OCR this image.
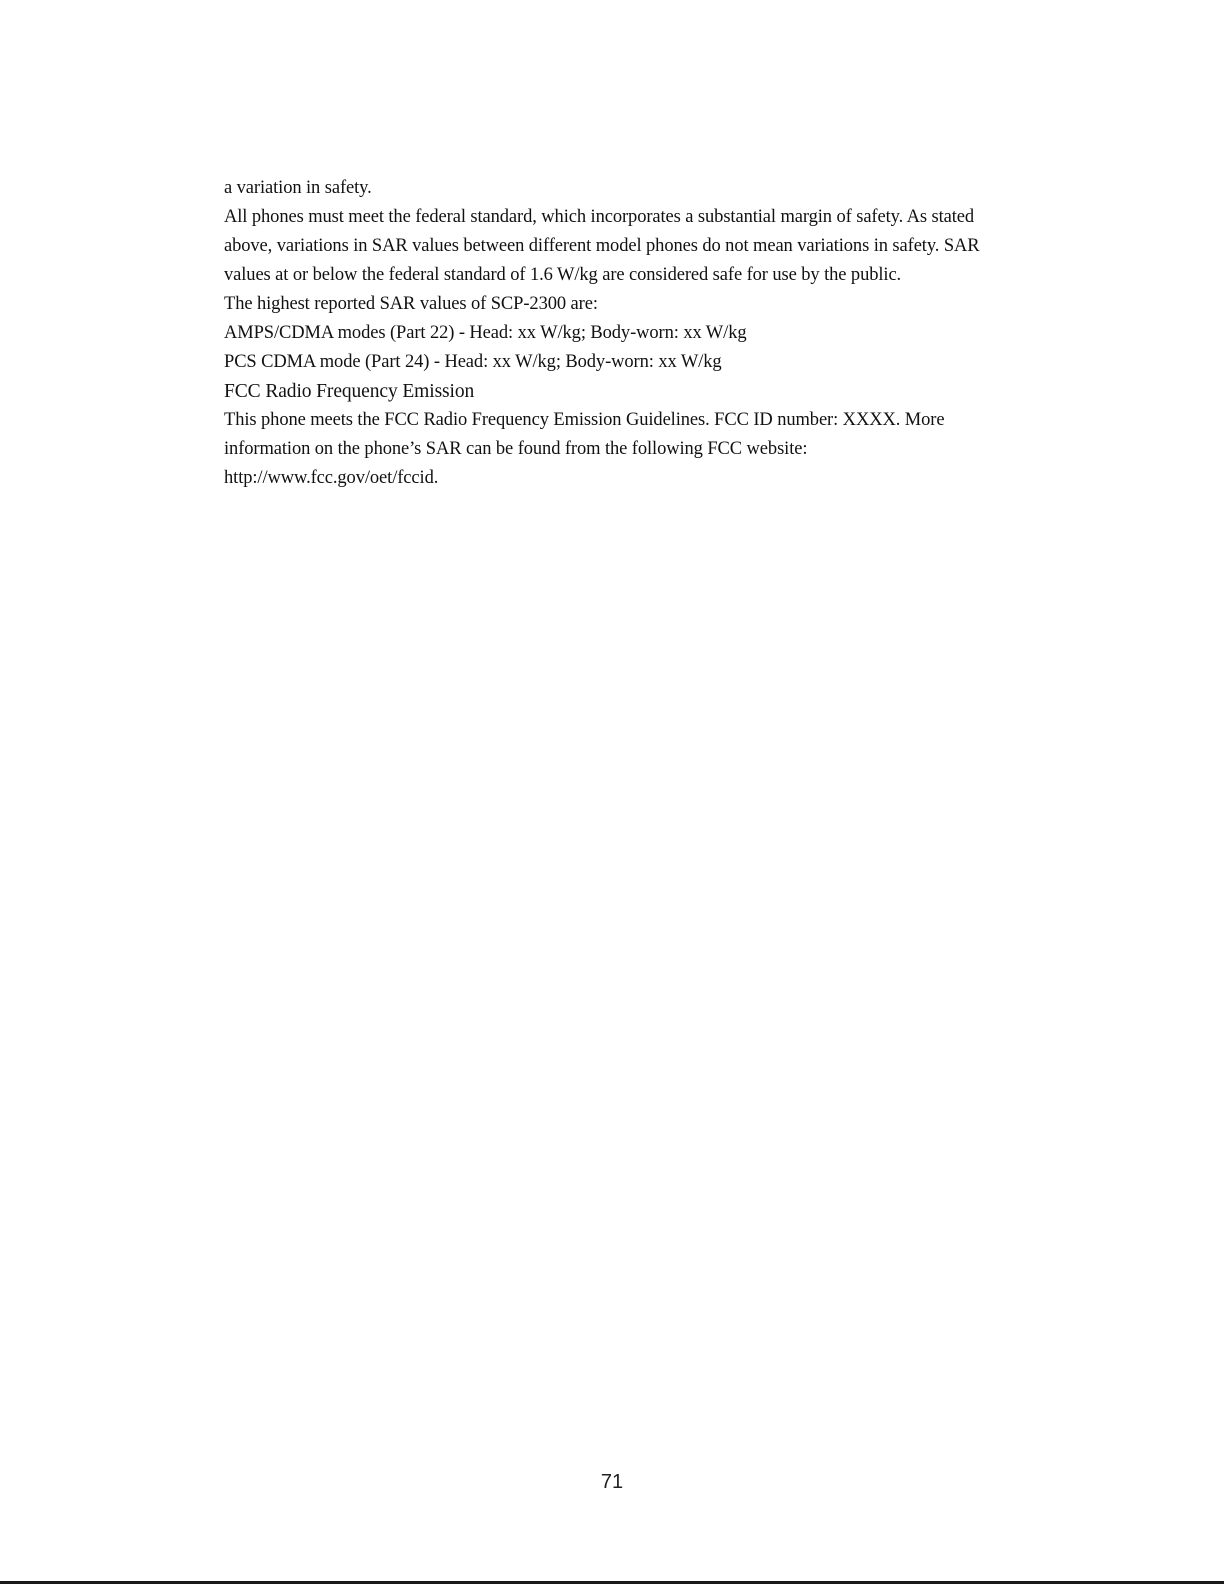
a variation in safety.

All phones must meet the federal standard, which incorporates a substantial margin of safety. As stated above, variations in SAR values between different model phones do not mean variations in safety. SAR values at or below the federal standard of 1.6 W/kg are considered safe for use by the public.

The highest reported SAR values of SCP-2300 are:

AMPS/CDMA modes (Part 22) - Head: xx W/kg; Body-worn: xx W/kg

PCS CDMA mode (Part 24) - Head: xx W/kg; Body-worn: xx W/kg

FCC Radio Frequency Emission

This phone meets the FCC Radio Frequency Emission Guidelines. FCC ID number: XXXX. More information on the phone’s SAR can be found from the following FCC website: http://www.fcc.gov/oet/fccid.

71
